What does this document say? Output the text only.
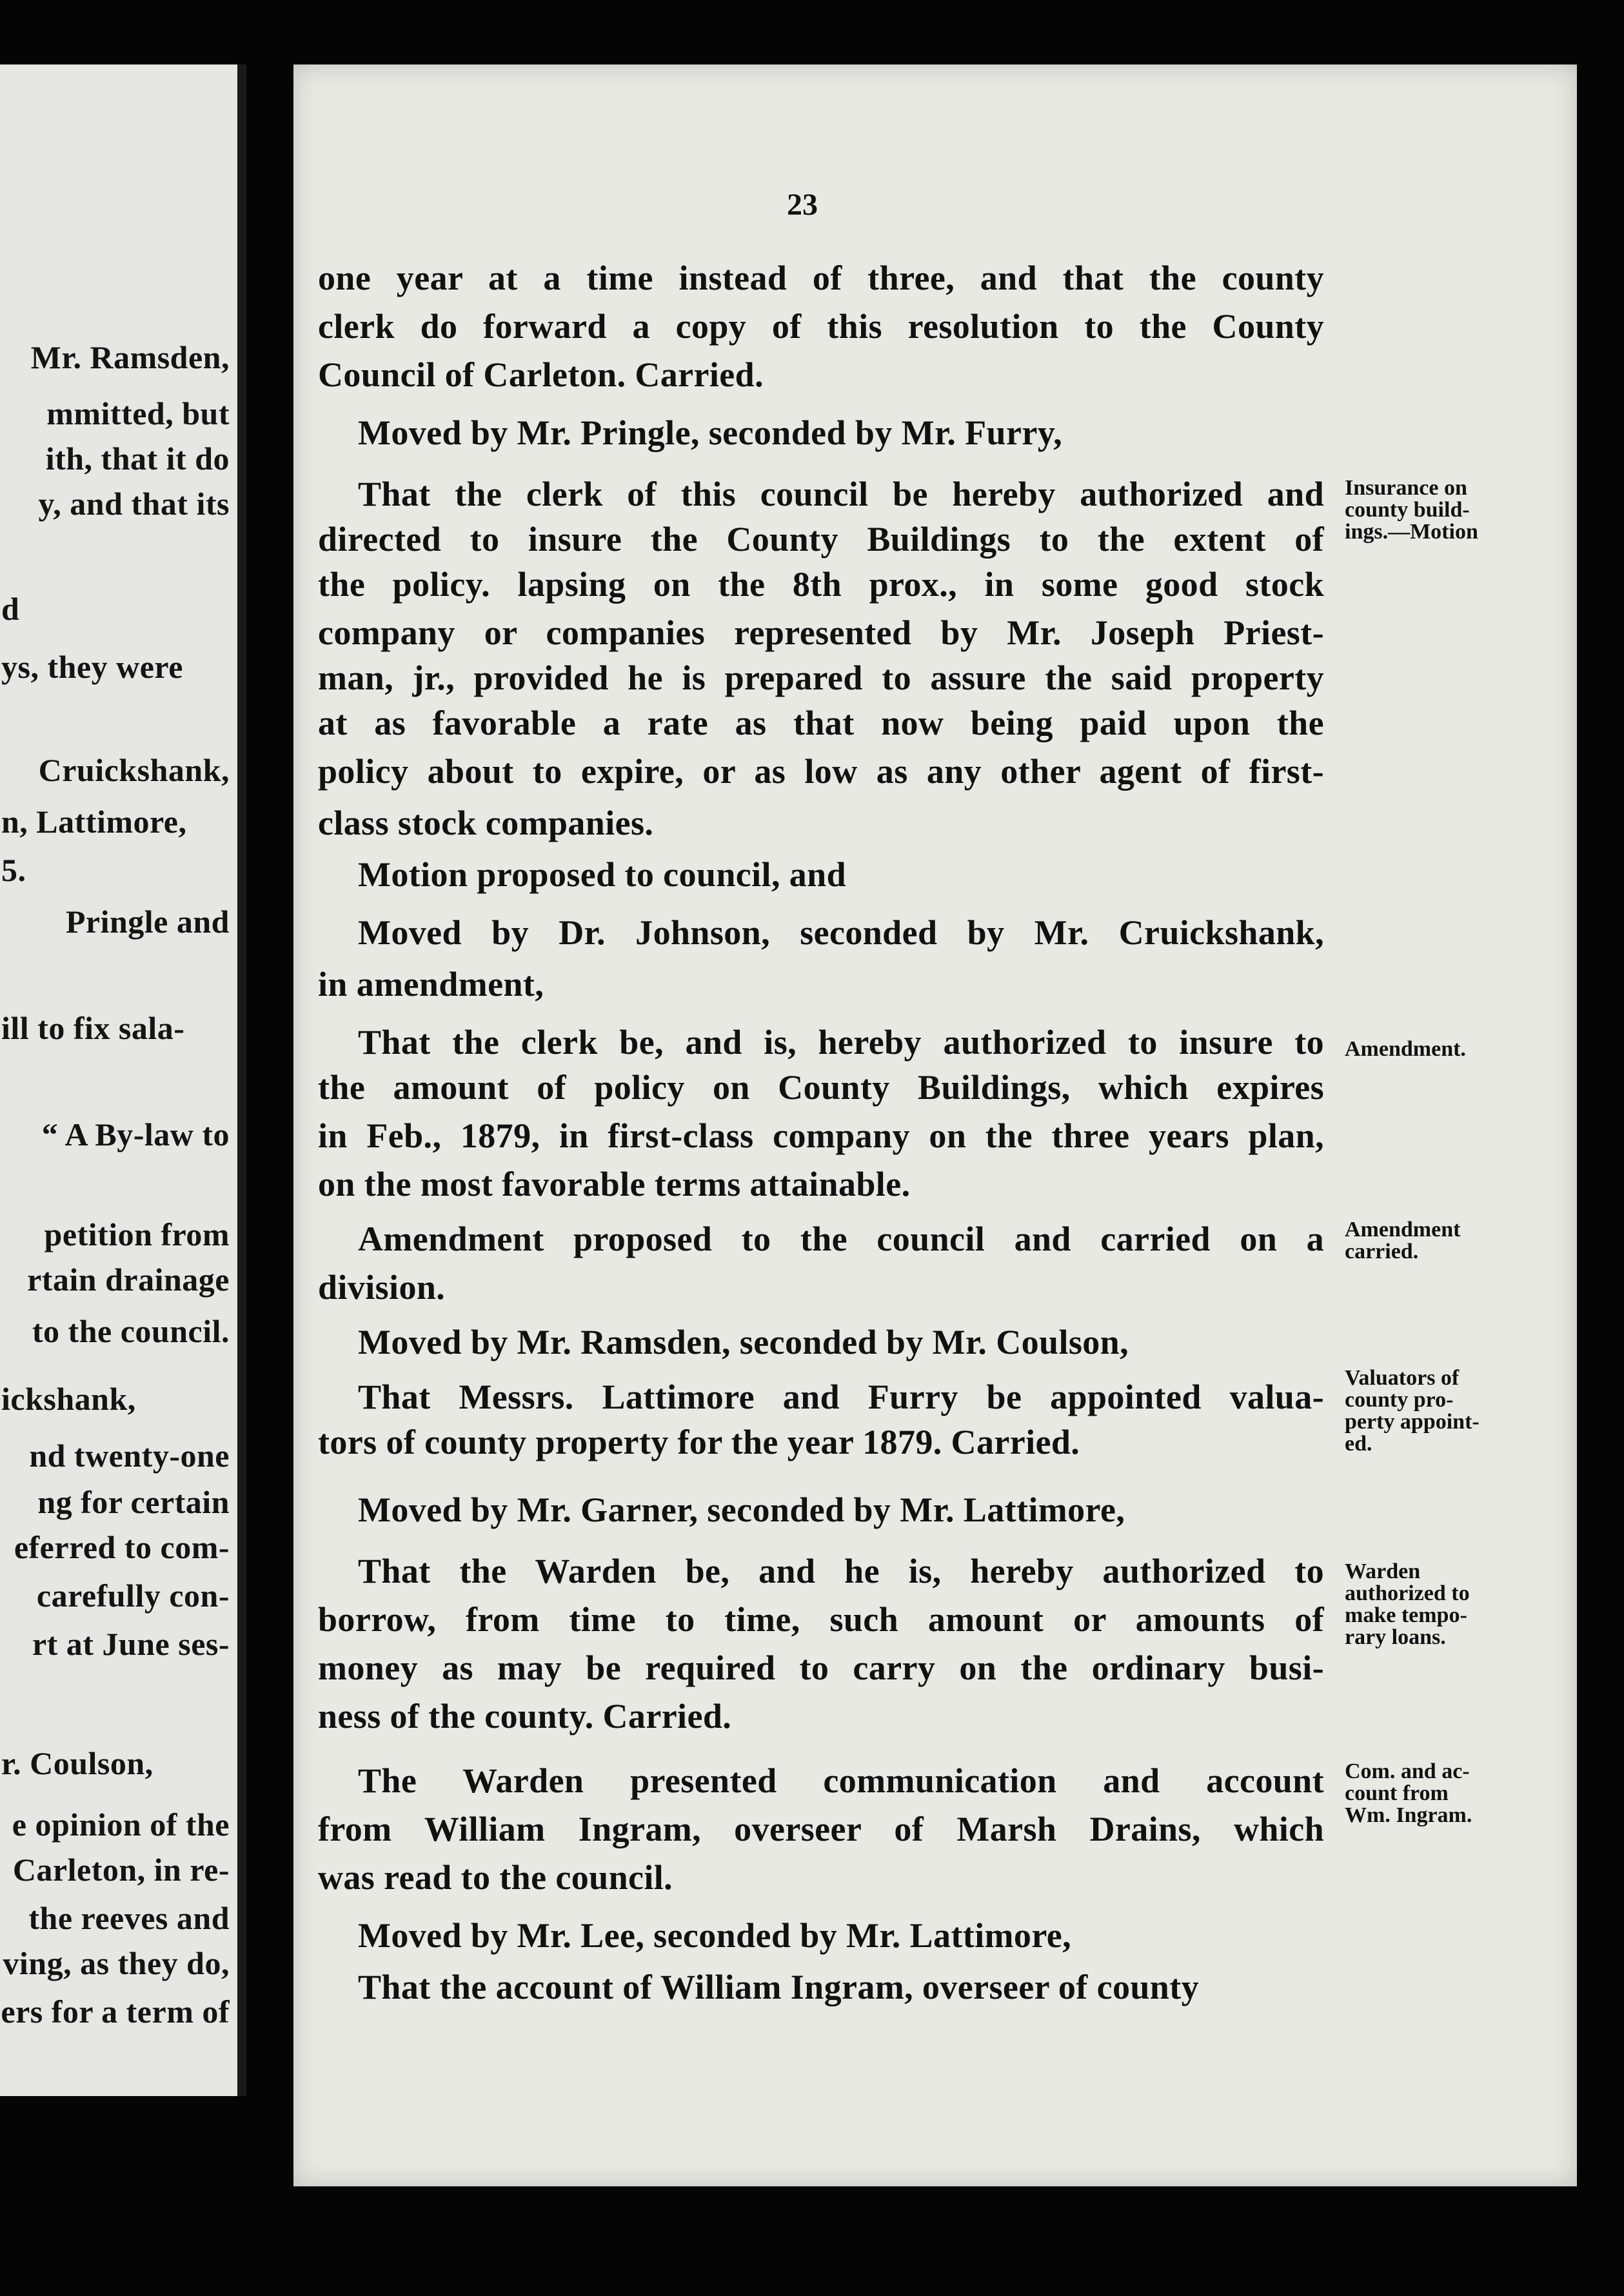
Mr. Ramsden,
mmitted, but
ith, that it do
y, and that its
d
ys, they were
Cruickshank,
n, Lattimore,
5.
Pringle and
ill to fix sala-
“ A By-law to
petition from
rtain drainage
to the council.
ickshank,
nd twenty-one
ng for certain
eferred to com-
carefully con-
rt at June ses-
r. Coulson,
e opinion of the
Carleton, in re-
the reeves and
ving, as they do,
ers for a term of
23
one year at a time instead of three, and that the county
clerk do forward a copy of this resolution to the County
Council of Carleton. Carried.
Moved by Mr. Pringle, seconded by Mr. Furry,
That the clerk of this council be hereby authorized and
directed to insure the County Buildings to the extent of
the policy. lapsing on the 8th prox., in some good stock
company or companies represented by Mr. Joseph Priest-
man, jr., provided he is prepared to assure the said property
at as favorable a rate as that now being paid upon the
policy about to expire, or as low as any other agent of first-
class stock companies.
Motion proposed to council, and
Moved by Dr. Johnson, seconded by Mr. Cruickshank,
in amendment,
That the clerk be, and is, hereby authorized to insure to
the amount of policy on County Buildings, which expires
in Feb., 1879, in first-class company on the three years plan,
on the most favorable terms attainable.
Amendment proposed to the council and carried on a
division.
Moved by Mr. Ramsden, seconded by Mr. Coulson,
That Messrs. Lattimore and Furry be appointed valua-
tors of county property for the year 1879. Carried.
Moved by Mr. Garner, seconded by Mr. Lattimore,
That the Warden be, and he is, hereby authorized to
borrow, from time to time, such amount or amounts of
money as may be required to carry on the ordinary busi-
ness of the county. Carried.
The Warden presented communication and account
from William Ingram, overseer of Marsh Drains, which
was read to the council.
Moved by Mr. Lee, seconded by Mr. Lattimore,
That the account of William Ingram, overseer of county
Insurance on
county build-
ings.—Motion
Amendment.
Amendment
carried.
Valuators of
county pro-
perty appoint-
ed.
Warden
authorized to
make tempo-
rary loans.
Com. and ac-
count from
Wm. Ingram.
